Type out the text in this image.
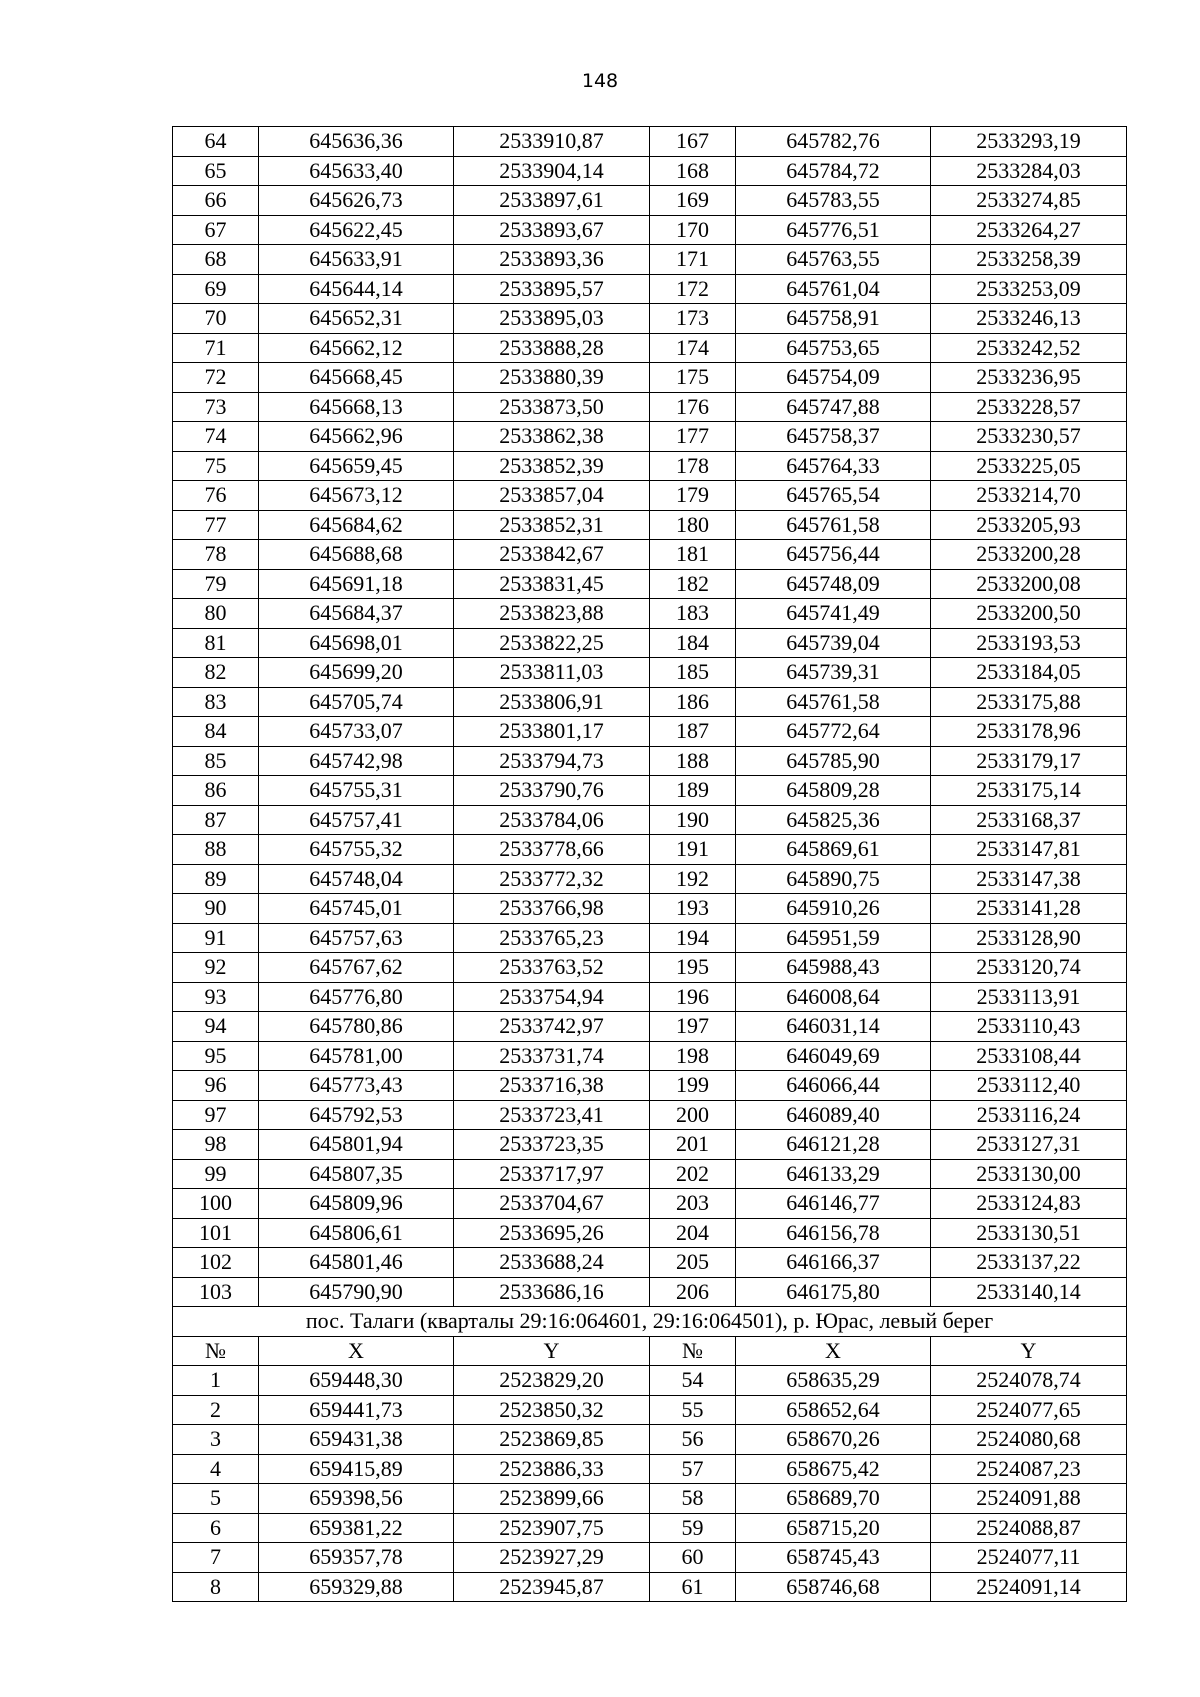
148
64	645636,36	2533910,87	167	645782,76	2533293,19
65	645633,40	2533904,14	168	645784,72	2533284,03
66	645626,73	2533897,61	169	645783,55	2533274,85
67	645622,45	2533893,67	170	645776,51	2533264,27
68	645633,91	2533893,36	171	645763,55	2533258,39
69	645644,14	2533895,57	172	645761,04	2533253,09
70	645652,31	2533895,03	173	645758,91	2533246,13
71	645662,12	2533888,28	174	645753,65	2533242,52
72	645668,45	2533880,39	175	645754,09	2533236,95
73	645668,13	2533873,50	176	645747,88	2533228,57
74	645662,96	2533862,38	177	645758,37	2533230,57
75	645659,45	2533852,39	178	645764,33	2533225,05
76	645673,12	2533857,04	179	645765,54	2533214,70
77	645684,62	2533852,31	180	645761,58	2533205,93
78	645688,68	2533842,67	181	645756,44	2533200,28
79	645691,18	2533831,45	182	645748,09	2533200,08
80	645684,37	2533823,88	183	645741,49	2533200,50
81	645698,01	2533822,25	184	645739,04	2533193,53
82	645699,20	2533811,03	185	645739,31	2533184,05
83	645705,74	2533806,91	186	645761,58	2533175,88
84	645733,07	2533801,17	187	645772,64	2533178,96
85	645742,98	2533794,73	188	645785,90	2533179,17
86	645755,31	2533790,76	189	645809,28	2533175,14
87	645757,41	2533784,06	190	645825,36	2533168,37
88	645755,32	2533778,66	191	645869,61	2533147,81
89	645748,04	2533772,32	192	645890,75	2533147,38
90	645745,01	2533766,98	193	645910,26	2533141,28
91	645757,63	2533765,23	194	645951,59	2533128,90
92	645767,62	2533763,52	195	645988,43	2533120,74
93	645776,80	2533754,94	196	646008,64	2533113,91
94	645780,86	2533742,97	197	646031,14	2533110,43
95	645781,00	2533731,74	198	646049,69	2533108,44
96	645773,43	2533716,38	199	646066,44	2533112,40
97	645792,53	2533723,41	200	646089,40	2533116,24
98	645801,94	2533723,35	201	646121,28	2533127,31
99	645807,35	2533717,97	202	646133,29	2533130,00
100	645809,96	2533704,67	203	646146,77	2533124,83
101	645806,61	2533695,26	204	646156,78	2533130,51
102	645801,46	2533688,24	205	646166,37	2533137,22
103	645790,90	2533686,16	206	646175,80	2533140,14
пос. Талаги (кварталы 29:16:064601, 29:16:064501), р. Юрас, левый берег					
№	X	Y	№	X	Y
1	659448,30	2523829,20	54	658635,29	2524078,74
2	659441,73	2523850,32	55	658652,64	2524077,65
3	659431,38	2523869,85	56	658670,26	2524080,68
4	659415,89	2523886,33	57	658675,42	2524087,23
5	659398,56	2523899,66	58	658689,70	2524091,88
6	659381,22	2523907,75	59	658715,20	2524088,87
7	659357,78	2523927,29	60	658745,43	2524077,11
8	659329,88	2523945,87	61	658746,68	2524091,14
